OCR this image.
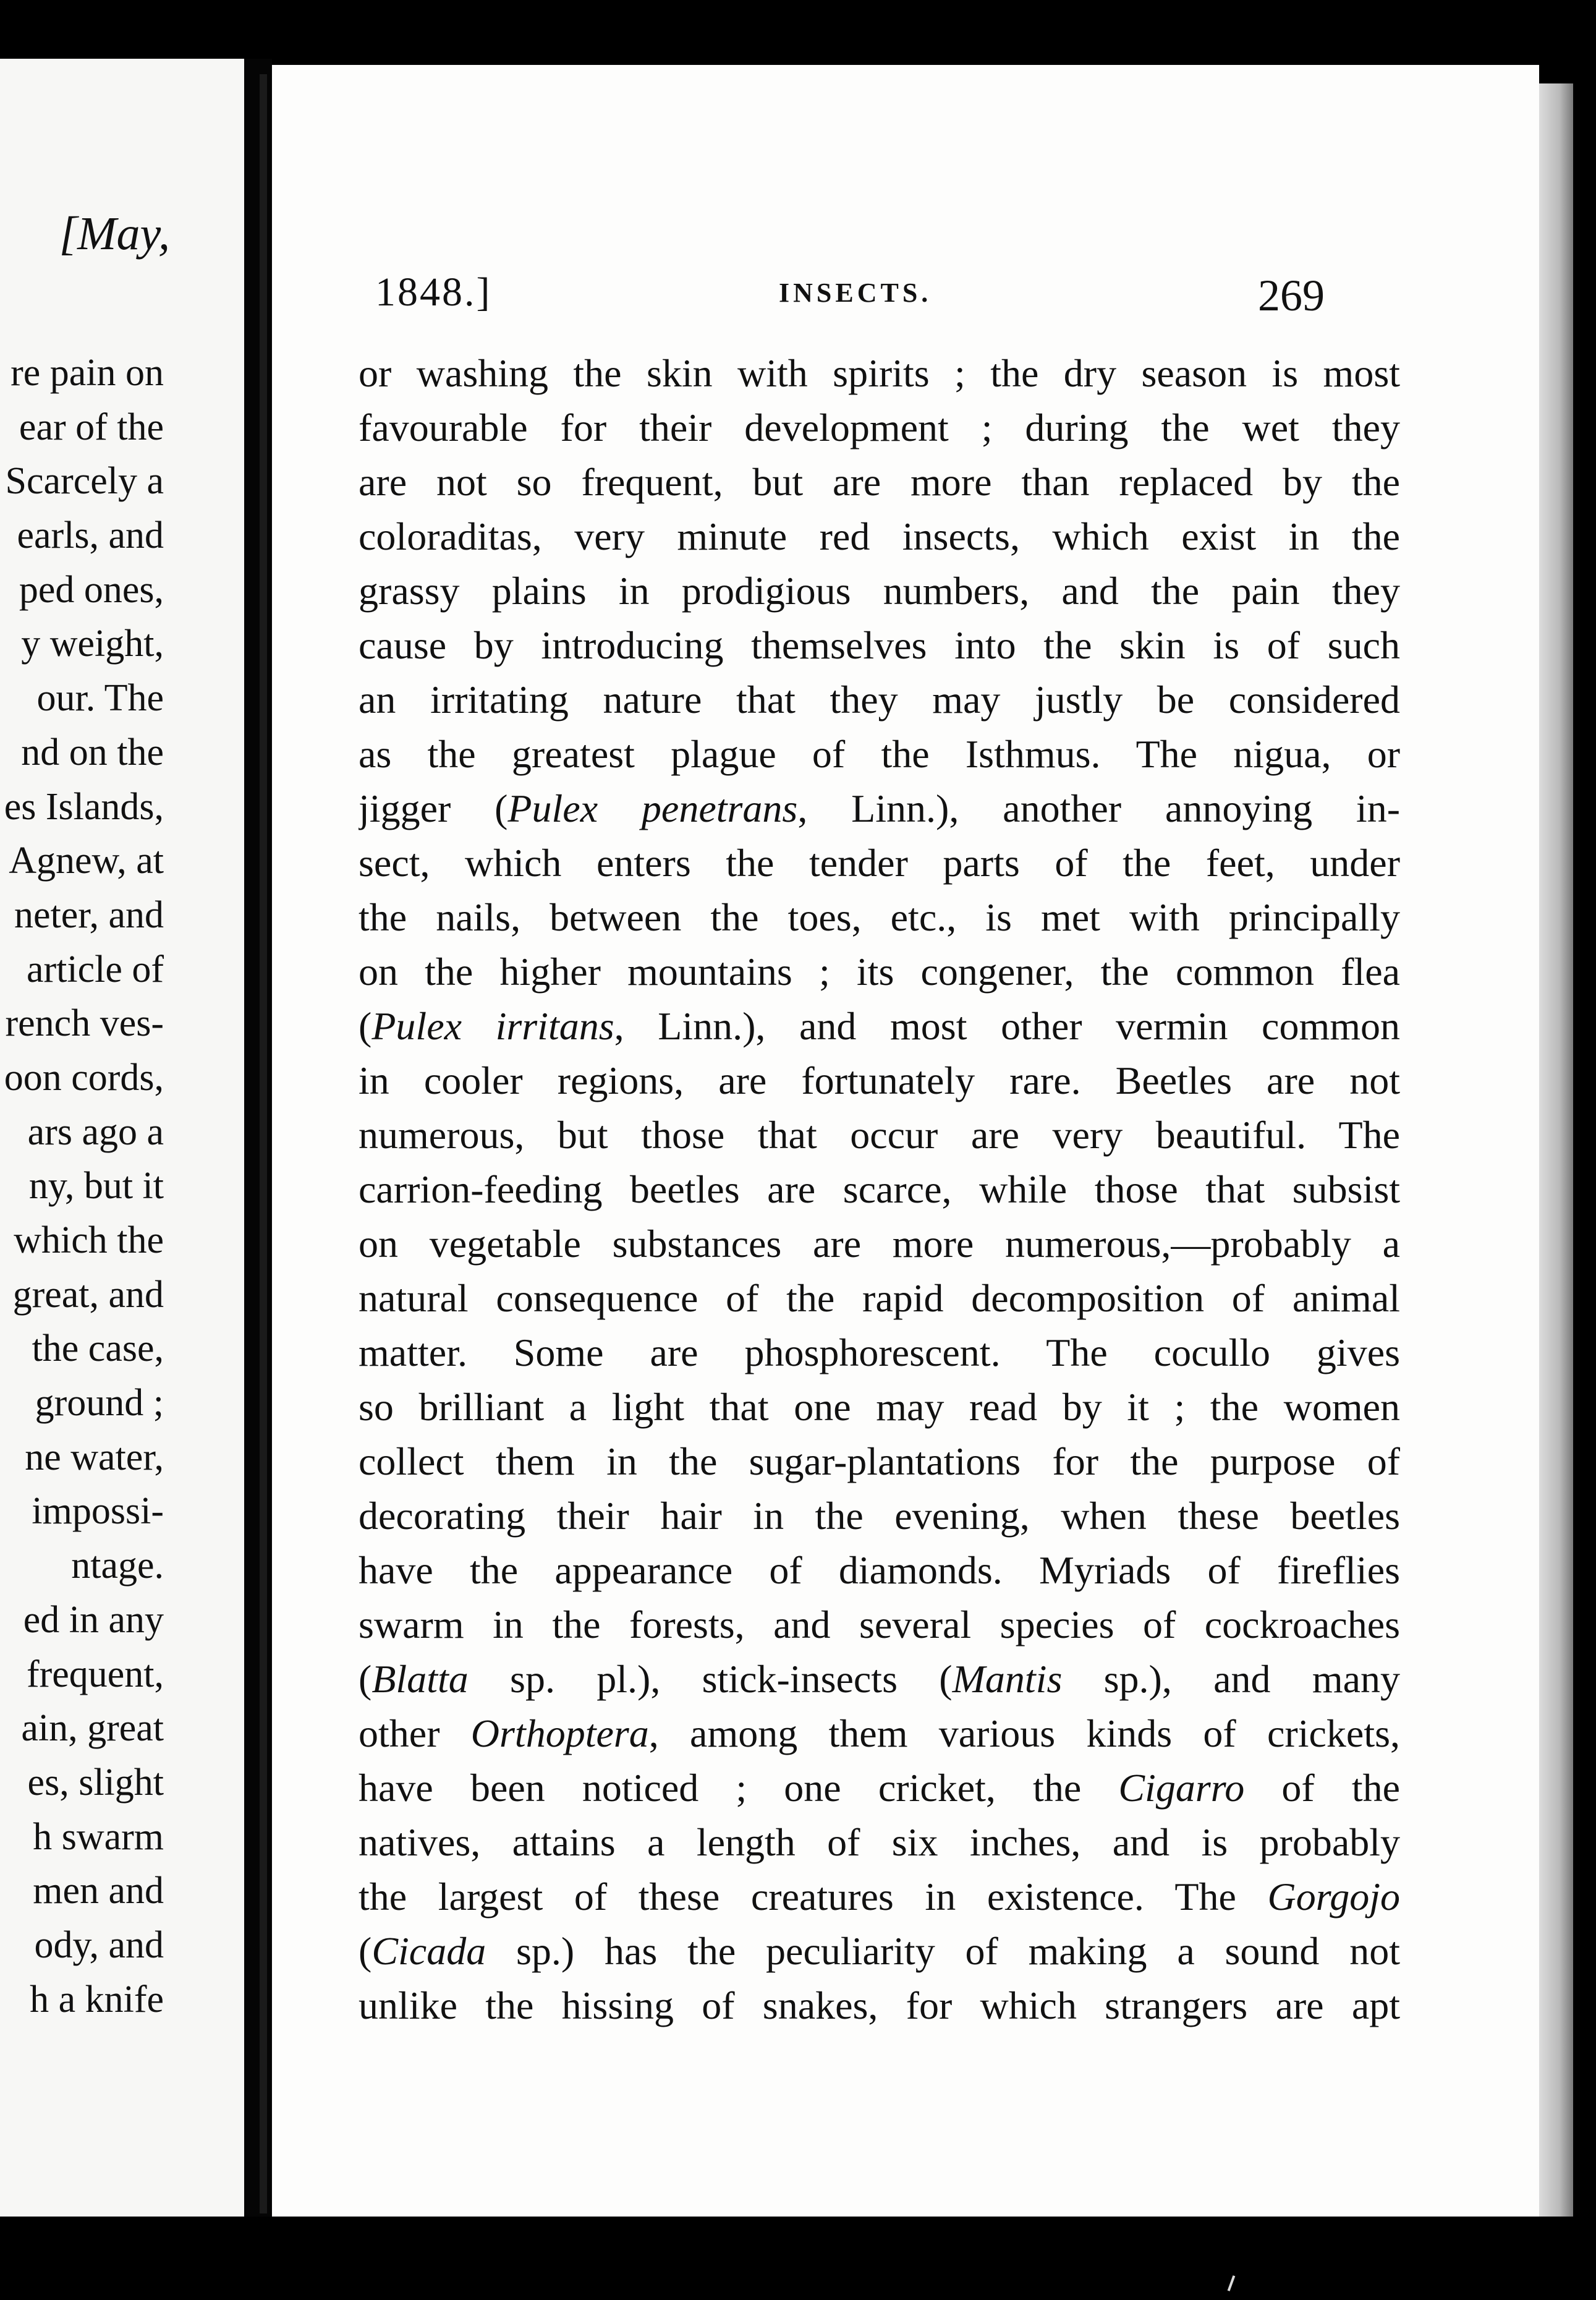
[May,
re pain on
ear of the
Scarcely a
earls, and
ped ones,
y weight,
our. The
nd on the
es Islands,
Agnew, at
neter, and
article of
rench ves-
oon cords,
ars ago a
ny, but it
which the
great, and
the case,
ground ;
ne water,
impossi-
ntage.
ed in any
frequent,
ain, great
es, slight
h swarm
men and
ody, and
h a knife
1848.]	INSECTS.	269
or washing the skin with spirits ; the dry season is most
favourable for their development ; during the wet they
are not so frequent, but are more than replaced by the
coloraditas, very minute red insects, which exist in the
grassy plains in prodigious numbers, and the pain they
cause by introducing themselves into the skin is of such
an irritating nature that they may justly be considered
as the greatest plague of the Isthmus. The nigua, or
jigger (Pulex penetrans, Linn.), another annoying in-
sect, which enters the tender parts of the feet, under
the nails, between the toes, etc., is met with principally
on the higher mountains ; its congener, the common flea
(Pulex irritans, Linn.), and most other vermin common
in cooler regions, are fortunately rare. Beetles are not
numerous, but those that occur are very beautiful. The
carrion-feeding beetles are scarce, while those that subsist
on vegetable substances are more numerous,—probably a
natural consequence of the rapid decomposition of animal
matter. Some are phosphorescent. The cocullo gives
so brilliant a light that one may read by it ; the women
collect them in the sugar-plantations for the purpose of
decorating their hair in the evening, when these beetles
have the appearance of diamonds. Myriads of fireflies
swarm in the forests, and several species of cockroaches
(Blatta sp. pl.), stick-insects (Mantis sp.), and many
other Orthoptera, among them various kinds of crickets,
have been noticed ; one cricket, the Cigarro of the
natives, attains a length of six inches, and is probably
the largest of these creatures in existence. The Gorgojo
(Cicada sp.) has the peculiarity of making a sound not
unlike the hissing of snakes, for which strangers are apt
